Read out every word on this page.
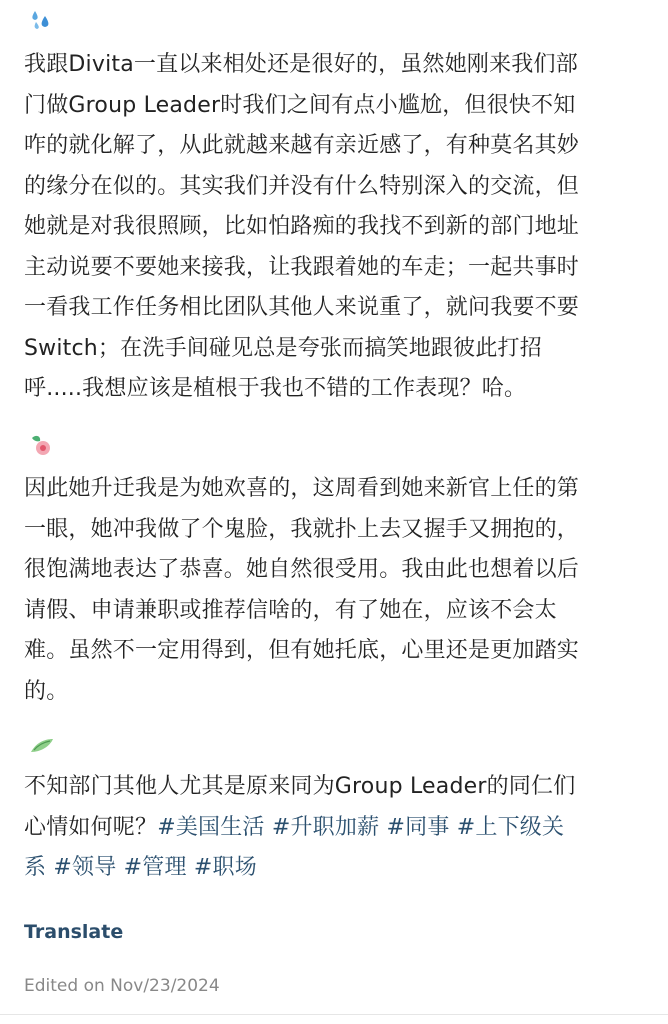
我跟Divita一直以来相处还是很好的，虽然她刚来我们部
门做Group Leader时我们之间有点小尴尬，但很快不知
咋的就化解了，从此就越来越有亲近感了，有种莫名其妙
的缘分在似的。其实我们并没有什么特别深入的交流，但
她就是对我很照顾，比如怕路痴的我找不到新的部门地址
主动说要不要她来接我，让我跟着她的车走；一起共事时
一看我工作任务相比团队其他人来说重了，就问我要不要
Switch；在洗手间碰见总是夸张而搞笑地跟彼此打招
呼.....我想应该是植根于我也不错的工作表现？哈。

因此她升迁我是为她欢喜的，这周看到她来新官上任的第
一眼，她冲我做了个鬼脸，我就扑上去又握手又拥抱的，
很饱满地表达了恭喜。她自然很受用。我由此也想着以后
请假、申请兼职或推荐信啥的，有了她在，应该不会太
难。虽然不一定用得到，但有她托底，心里还是更加踏实
的。

不知部门其他人尤其是原来同为Group Leader的同仁们
心情如何呢？#美国生活 #升职加薪 #同事 #上下级关
系 #领导 #管理 #职场

Translate
Edited on Nov/23/2024
